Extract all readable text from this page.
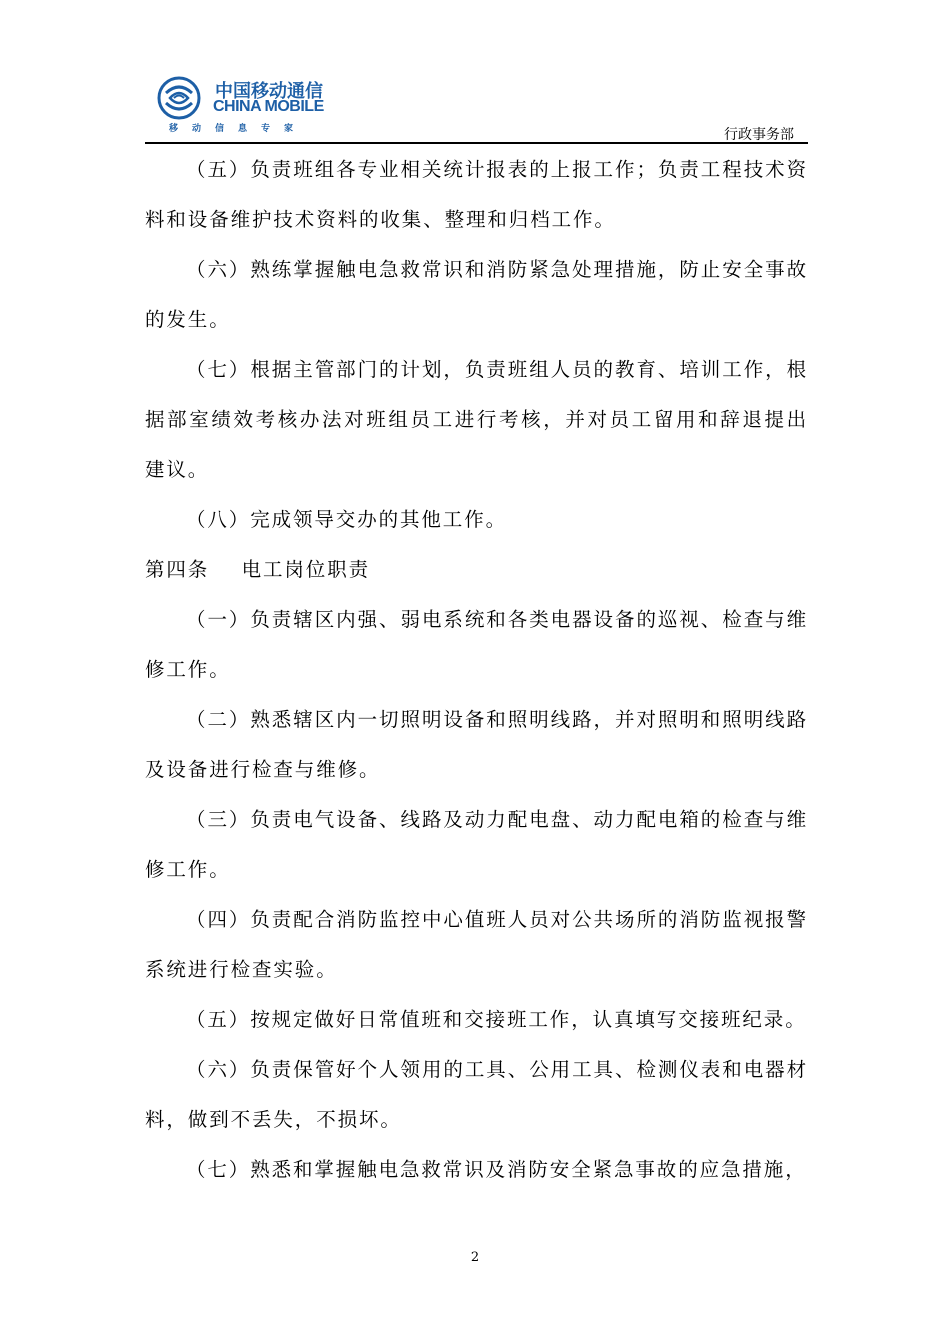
中国移动通信
CHINA MOBILE
移动信息专家	行政事务部

（五）负责班组各专业相关统计报表的上报工作；负责工程技术资料和设备维护技术资料的收集、整理和归档工作。

（六）熟练掌握触电急救常识和消防紧急处理措施，防止安全事故的发生。

（七）根据主管部门的计划，负责班组人员的教育、培训工作，根据部室绩效考核办法对班组员工进行考核，并对员工留用和辞退提出建议。

（八）完成领导交办的其他工作。

第四条    电工岗位职责

（一）负责辖区内强、弱电系统和各类电器设备的巡视、检查与维修工作。

（二）熟悉辖区内一切照明设备和照明线路，并对照明和照明线路及设备进行检查与维修。

（三）负责电气设备、线路及动力配电盘、动力配电箱的检查与维修工作。

（四）负责配合消防监控中心值班人员对公共场所的消防监视报警系统进行检查实验。

（五）按规定做好日常值班和交接班工作，认真填写交接班纪录。

（六）负责保管好个人领用的工具、公用工具、检测仪表和电器材料，做到不丢失，不损坏。

（七）熟悉和掌握触电急救常识及消防安全紧急事故的应急措施，

2
